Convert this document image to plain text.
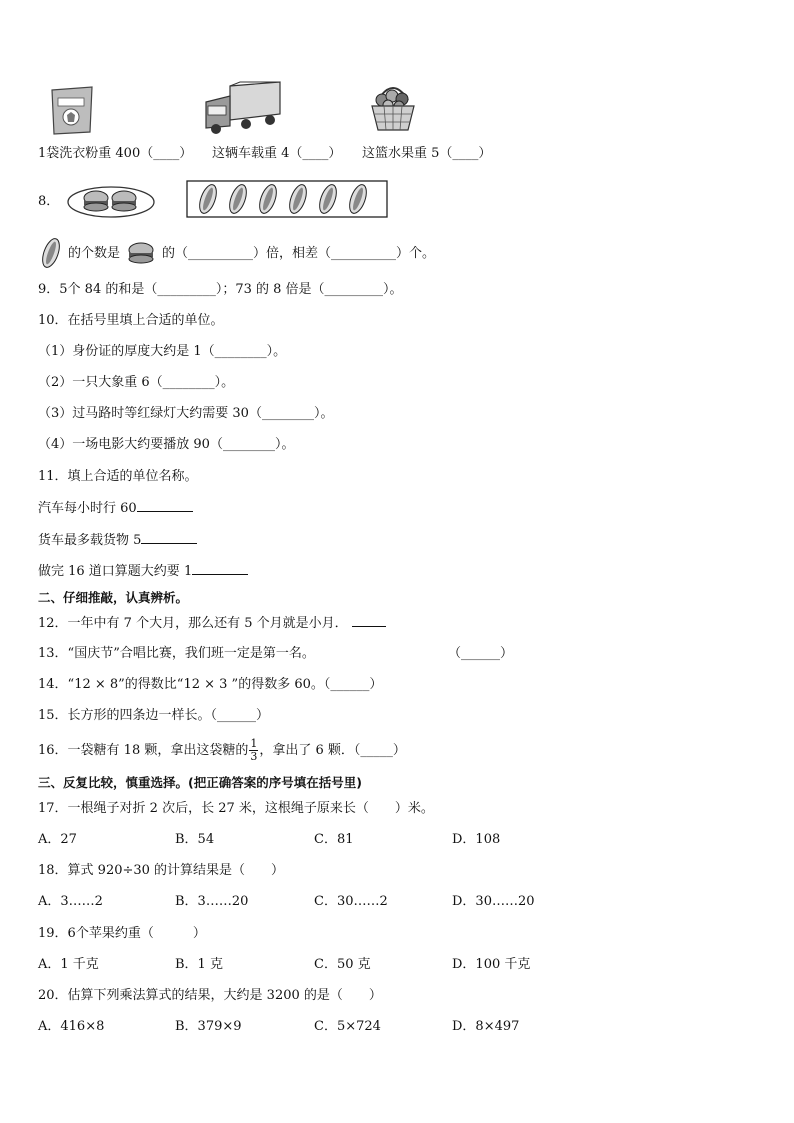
1袋洗衣粉重 400（____） 这辆车载重 4（____） 这篮水果重 5（____）
8．
的个数是	的（__________）倍，相差（__________）个。
9．5个 84 的和是（_________）；73 的 8 倍是（_________）。
10．在括号里填上合适的单位。
（1）身份证的厚度大约是 1（________）。
（2）一只大象重 6（________）。
（3）过马路时等红绿灯大约需要 30（________）。
（4）一场电影大约要播放 90（________）。
11．填上合适的单位名称。
汽车每小时行 60
货车最多载货物 5
做完 16 道口算题大约要 1
二、仔细推敲，认真辨析。
12．一年中有 7 个大月，那么还有 5 个月就是小月．
13．“国庆节”合唱比赛，我们班一定是第一名。	（______）
14．“12 × 8”的得数比“12 × 3 ”的得数多 60。（______）
15．长方形的四条边一样长。（______）
16．一袋糖有 18 颗，拿出这袋糖的 $\frac{1}{3}$ ，拿出了 6 颗．（_____）
三、反复比较，慎重选择。(把正确答案的序号填在括号里)
17．一根绳子对折 2 次后，长 27 米，这根绳子原来长（　　）米。
A．27	B．54	C．81	D．108
18．算式 920÷30 的计算结果是（　　）
A．3……2	B．3……20	C．30……2	D．30……20
19．6个苹果约重（　　　）
A．1 千克	B．1 克	C．50 克	D．100 千克
20．估算下列乘法算式的结果，大约是 3200 的是（　　）
A．416×8	B．379×9	C．5×724	D．8×497
